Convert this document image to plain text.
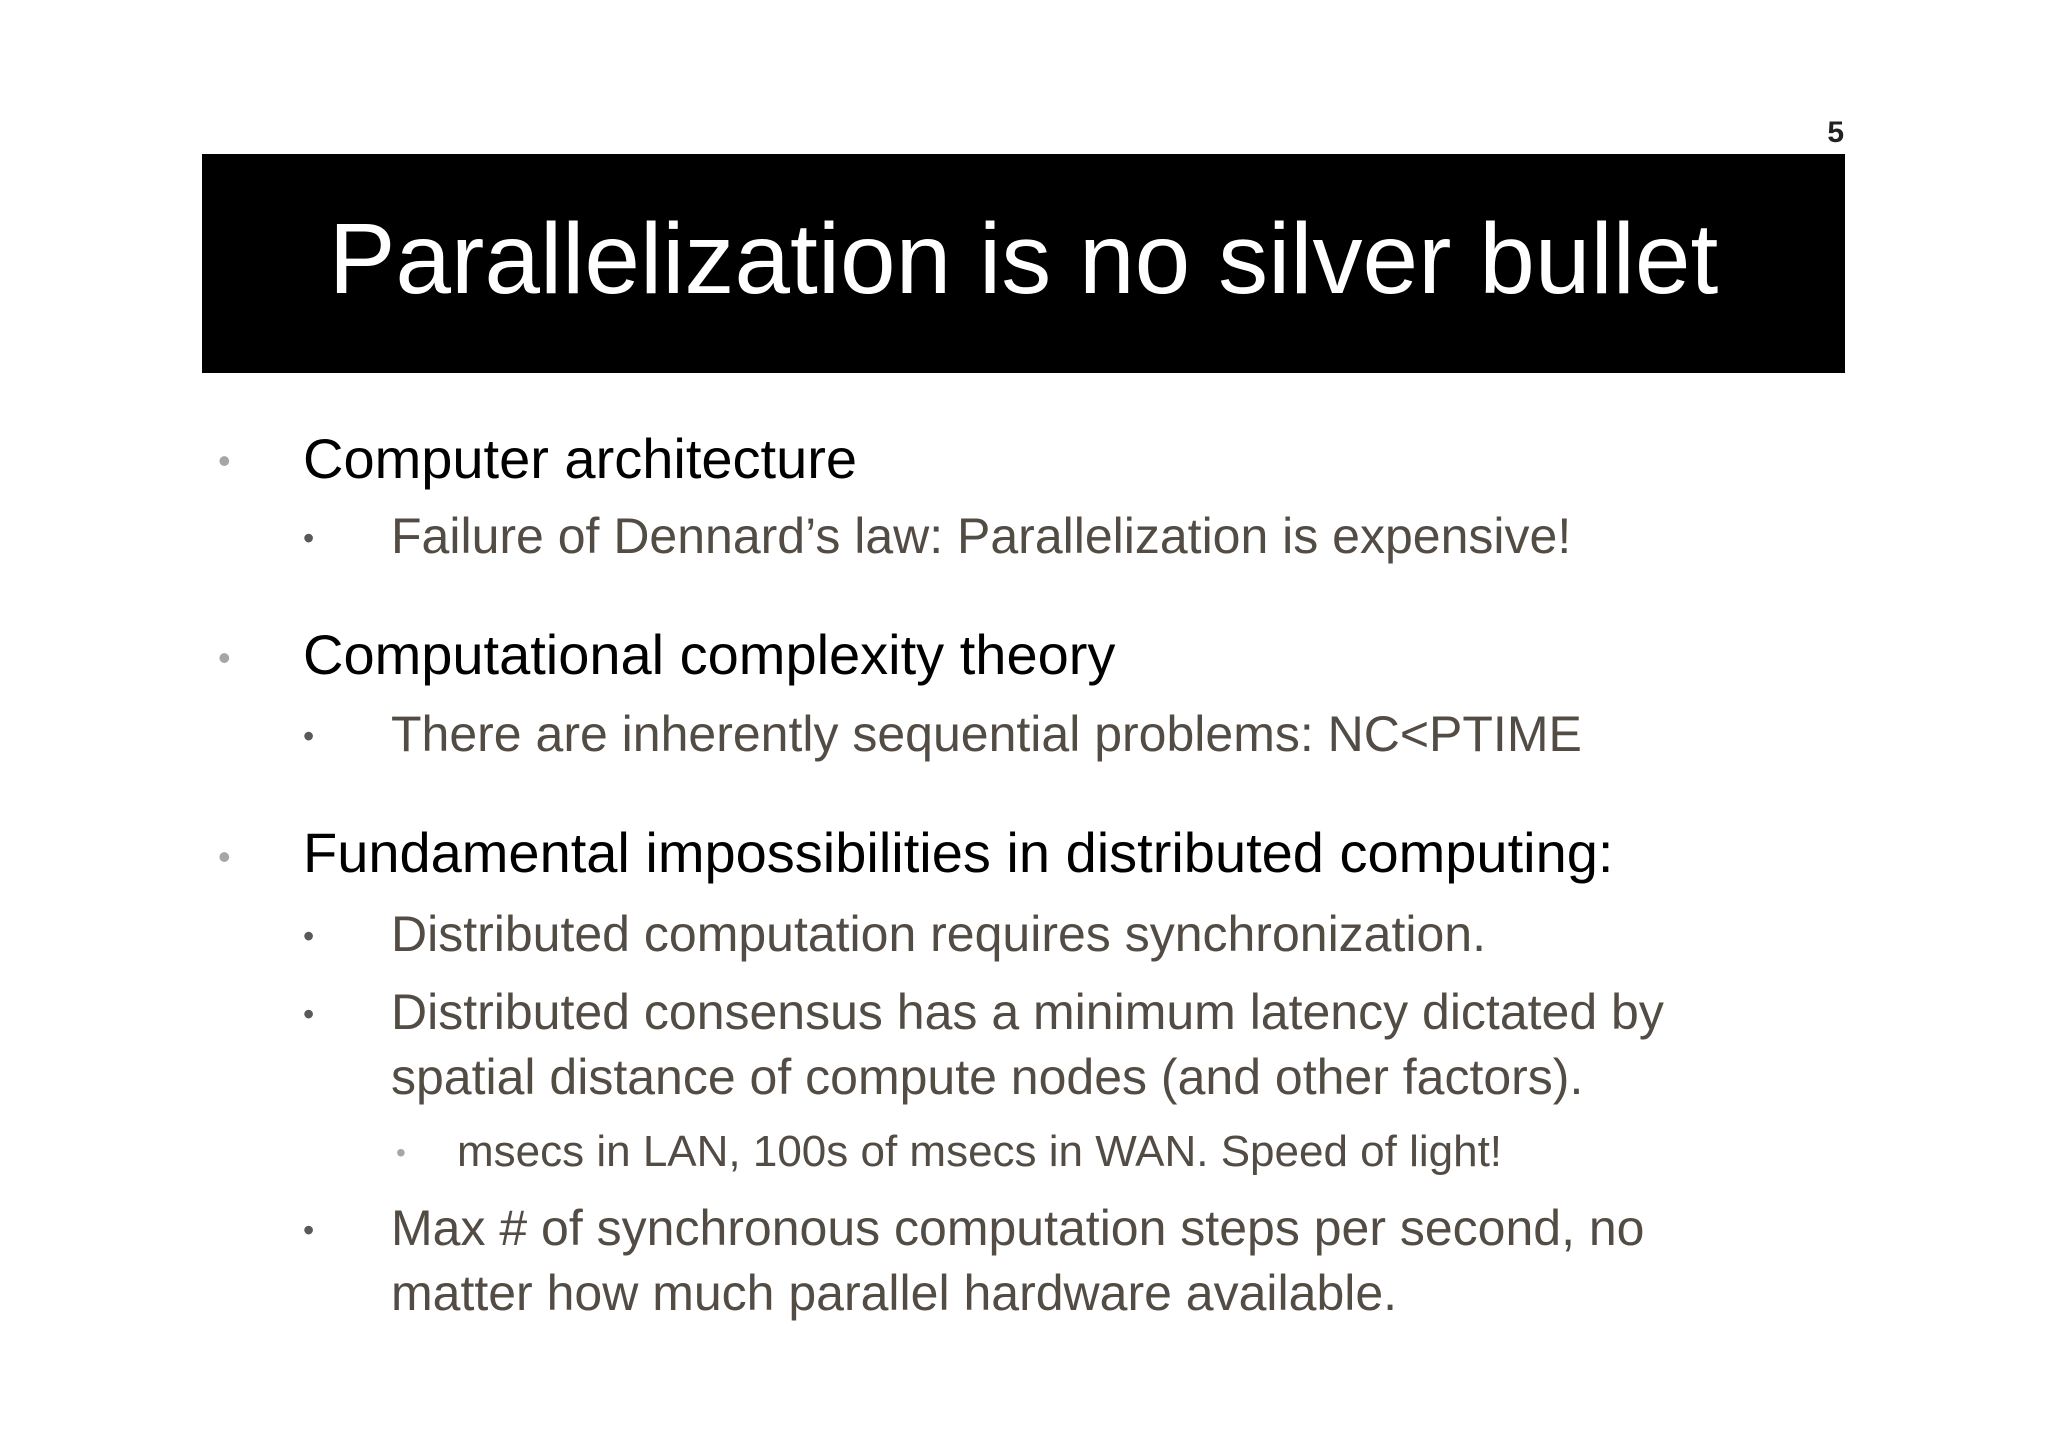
5
Parallelization is no silver bullet
• Computer architecture
• Failure of Dennard’s law: Parallelization is expensive!
• Computational complexity theory
• There are inherently sequential problems: NC<PTIME
• Fundamental impossibilities in distributed computing:
• Distributed computation requires synchronization.
• Distributed consensus has a minimum latency dictated by
spatial distance of compute nodes (and other factors).
• msecs in LAN, 100s of msecs in WAN. Speed of light!
• Max # of synchronous computation steps per second, no
matter how much parallel hardware available.
